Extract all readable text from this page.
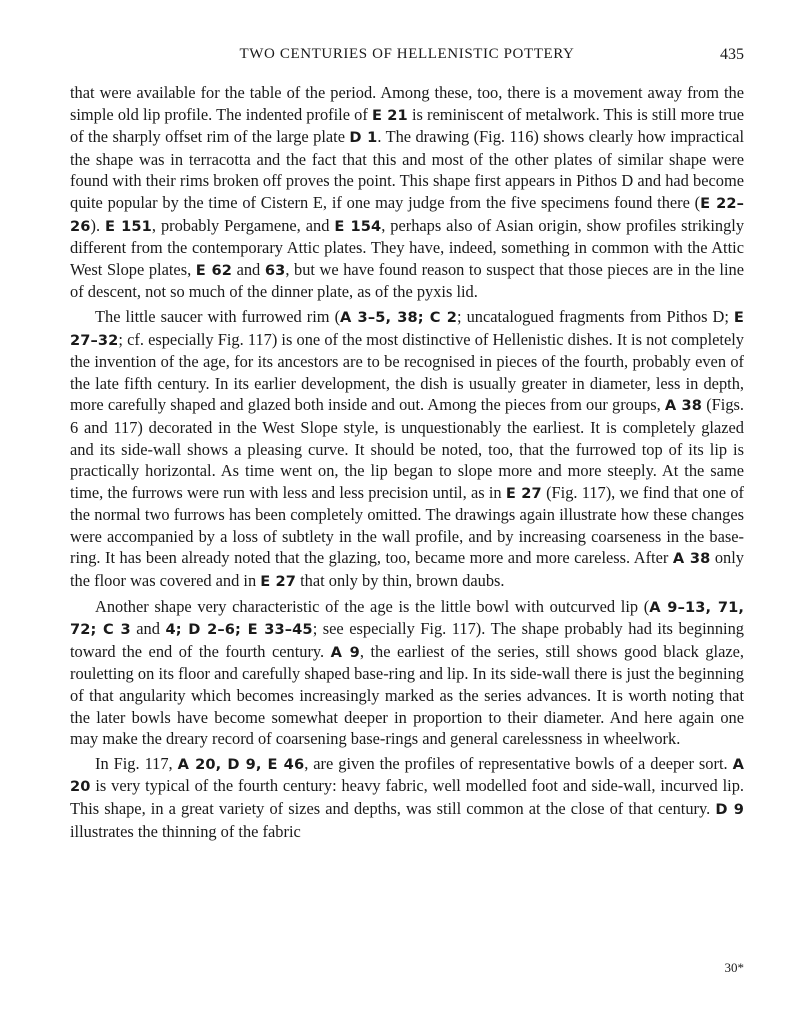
TWO CENTURIES OF HELLENISTIC POTTERY	435

that were available for the table of the period. Among these, too, there is a movement away from the simple old lip profile. The indented profile of E 21 is reminiscent of metalwork. This is still more true of the sharply offset rim of the large plate D 1. The drawing (Fig. 116) shows clearly how impractical the shape was in terracotta and the fact that this and most of the other plates of similar shape were found with their rims broken off proves the point. This shape first appears in Pithos D and had become quite popular by the time of Cistern E, if one may judge from the five specimens found there (E 22–26). E 151, probably Pergamene, and E 154, perhaps also of Asian origin, show profiles strikingly different from the contemporary Attic plates. They have, indeed, something in common with the Attic West Slope plates, E 62 and 63, but we have found reason to suspect that those pieces are in the line of descent, not so much of the dinner plate, as of the pyxis lid.

The little saucer with furrowed rim (A 3–5, 38; C 2; uncatalogued fragments from Pithos D; E 27–32; cf. especially Fig. 117) is one of the most distinctive of Hellenistic dishes. It is not completely the invention of the age, for its ancestors are to be recognised in pieces of the fourth, probably even of the late fifth century. In its earlier development, the dish is usually greater in diameter, less in depth, more carefully shaped and glazed both inside and out. Among the pieces from our groups, A 38 (Figs. 6 and 117) decorated in the West Slope style, is unquestionably the earliest. It is completely glazed and its side-wall shows a pleasing curve. It should be noted, too, that the furrowed top of its lip is practically horizontal. As time went on, the lip began to slope more and more steeply. At the same time, the furrows were run with less and less precision until, as in E 27 (Fig. 117), we find that one of the normal two furrows has been completely omitted. The drawings again illustrate how these changes were accompanied by a loss of subtlety in the wall profile, and by increasing coarseness in the base-ring. It has been already noted that the glazing, too, became more and more careless. After A 38 only the floor was covered and in E 27 that only by thin, brown daubs.

Another shape very characteristic of the age is the little bowl with outcurved lip (A 9–13, 71, 72; C 3 and 4; D 2–6; E 33–45; see especially Fig. 117). The shape probably had its beginning toward the end of the fourth century. A 9, the earliest of the series, still shows good black glaze, rouletting on its floor and carefully shaped base-ring and lip. In its side-wall there is just the beginning of that angularity which becomes increasingly marked as the series advances. It is worth noting that the later bowls have become somewhat deeper in proportion to their diameter. And here again one may make the dreary record of coarsening base-rings and general carelessness in wheelwork.

In Fig. 117, A 20, D 9, E 46, are given the profiles of representative bowls of a deeper sort. A 20 is very typical of the fourth century: heavy fabric, well modelled foot and side-wall, incurved lip. This shape, in a great variety of sizes and depths, was still common at the close of that century. D 9 illustrates the thinning of the fabric

30*
